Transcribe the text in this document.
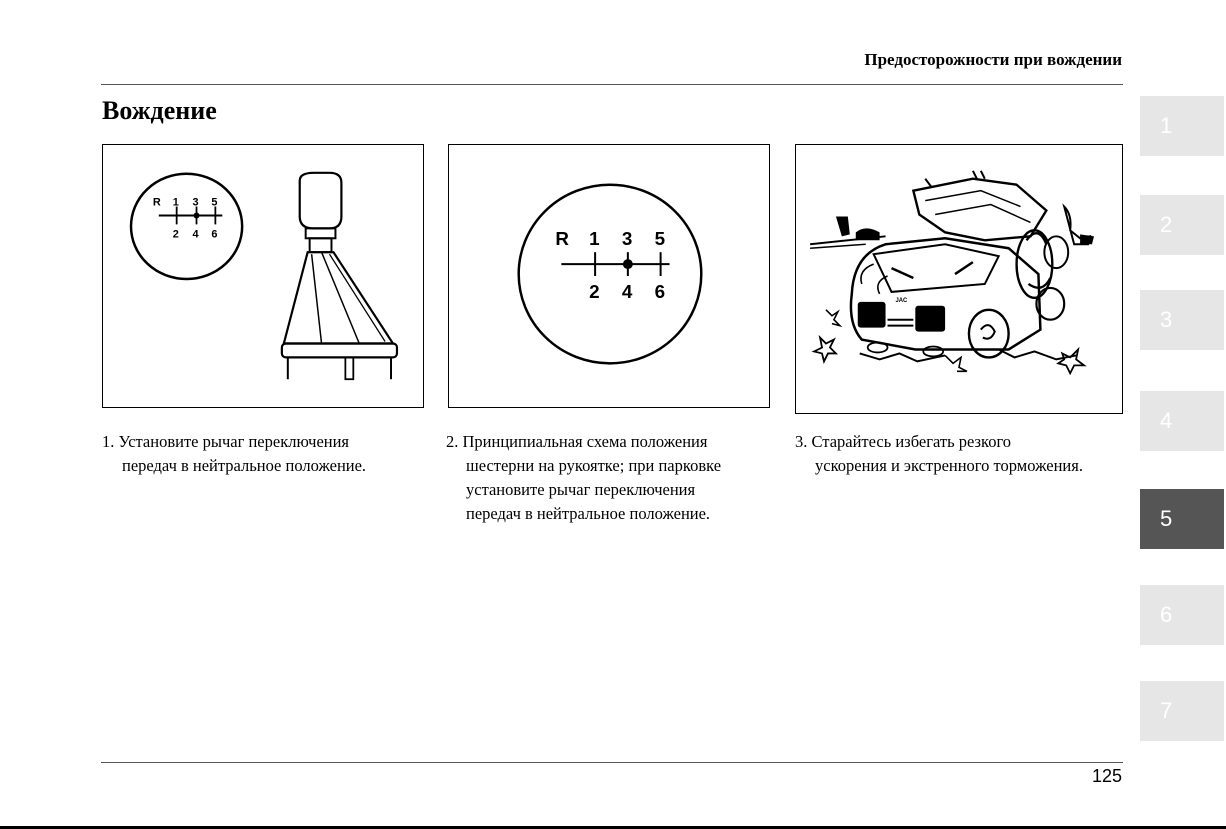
Предосторожности при вождении
Вождение
R 1 3 5
2 4 6	R 1 3 5
2 4 6	JAC
1. Установите рычаг переключения
передач в нейтральное положение.
2. Принципиальная схема положения
шестерни на рукоятке; при парковке
установите рычаг переключения
передач в нейтральное положение.
3. Старайтесь избегать резкого
ускорения и экстренного торможения.
1
2
3
4
5
6
7
125
